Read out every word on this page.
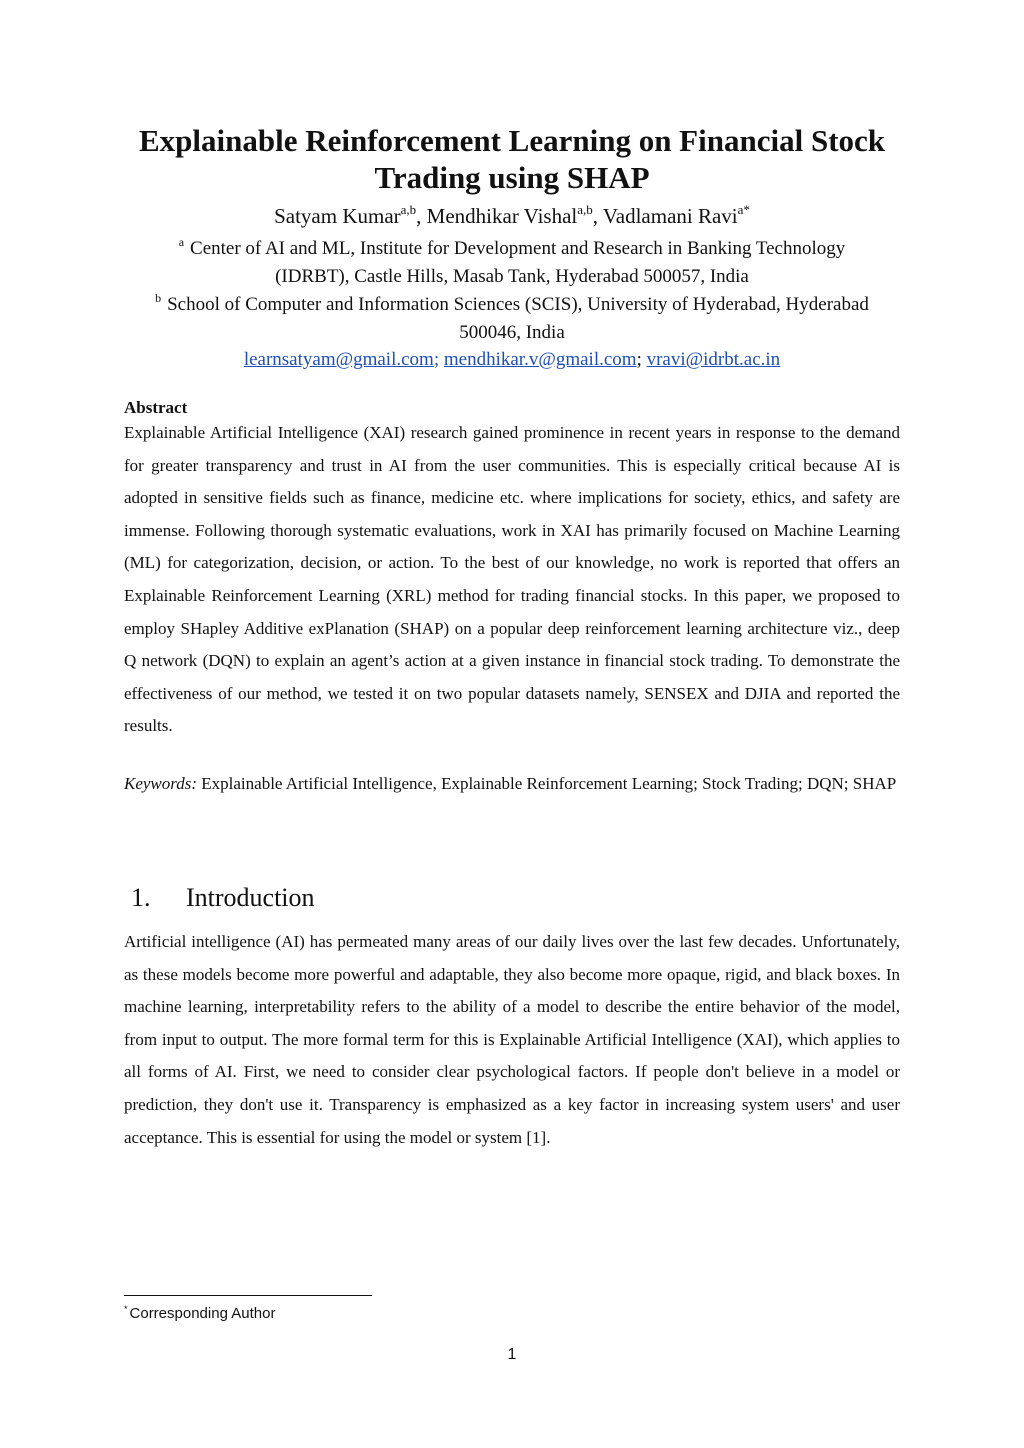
Explainable Reinforcement Learning on Financial Stock
Trading using SHAP
Satyam Kumar$^{a,b}$, Mendhikar Vishal$^{a,b}$, Vadlamani Ravi$^{a*}$
$^a$ Center of AI and ML, Institute for Development and Research in Banking Technology
(IDRBT), Castle Hills, Masab Tank, Hyderabad 500057, India
$^b$ School of Computer and Information Sciences (SCIS), University of Hyderabad, Hyderabad
500046, India
learnsatyam@gmail.com; mendhikar.v@gmail.com; vravi@idrbt.ac.in
Abstract

Explainable Artificial Intelligence (XAI) research gained prominence in recent years in response to the demand for greater transparency and trust in AI from the user communities. This is especially critical because AI is adopted in sensitive fields such as finance, medicine etc. where implications for society, ethics, and safety are immense. Following thorough systematic evaluations, work in XAI has primarily focused on Machine Learning (ML) for categorization, decision, or action. To the best of our knowledge, no work is reported that offers an Explainable Reinforcement Learning (XRL) method for trading financial stocks. In this paper, we proposed to employ SHapley Additive exPlanation (SHAP) on a popular deep reinforcement learning architecture viz., deep Q network (DQN) to explain an agent’s action at a given instance in financial stock trading. To demonstrate the effectiveness of our method, we tested it on two popular datasets namely, SENSEX and DJIA and reported the results.

Keywords: Explainable Artificial Intelligence, Explainable Reinforcement Learning; Stock Trading; DQN; SHAP

1. Introduction

Artificial intelligence (AI) has permeated many areas of our daily lives over the last few decades. Unfortunately, as these models become more powerful and adaptable, they also become more opaque, rigid, and black boxes. In machine learning, interpretability refers to the ability of a model to describe the entire behavior of the model, from input to output. The more formal term for this is Explainable Artificial Intelligence (XAI), which applies to all forms of AI. First, we need to consider clear psychological factors. If people don't believe in a model or prediction, they don't use it. Transparency is emphasized as a key factor in increasing system users' and user acceptance. This is essential for using the model or system [1].

* Corresponding Author

1
